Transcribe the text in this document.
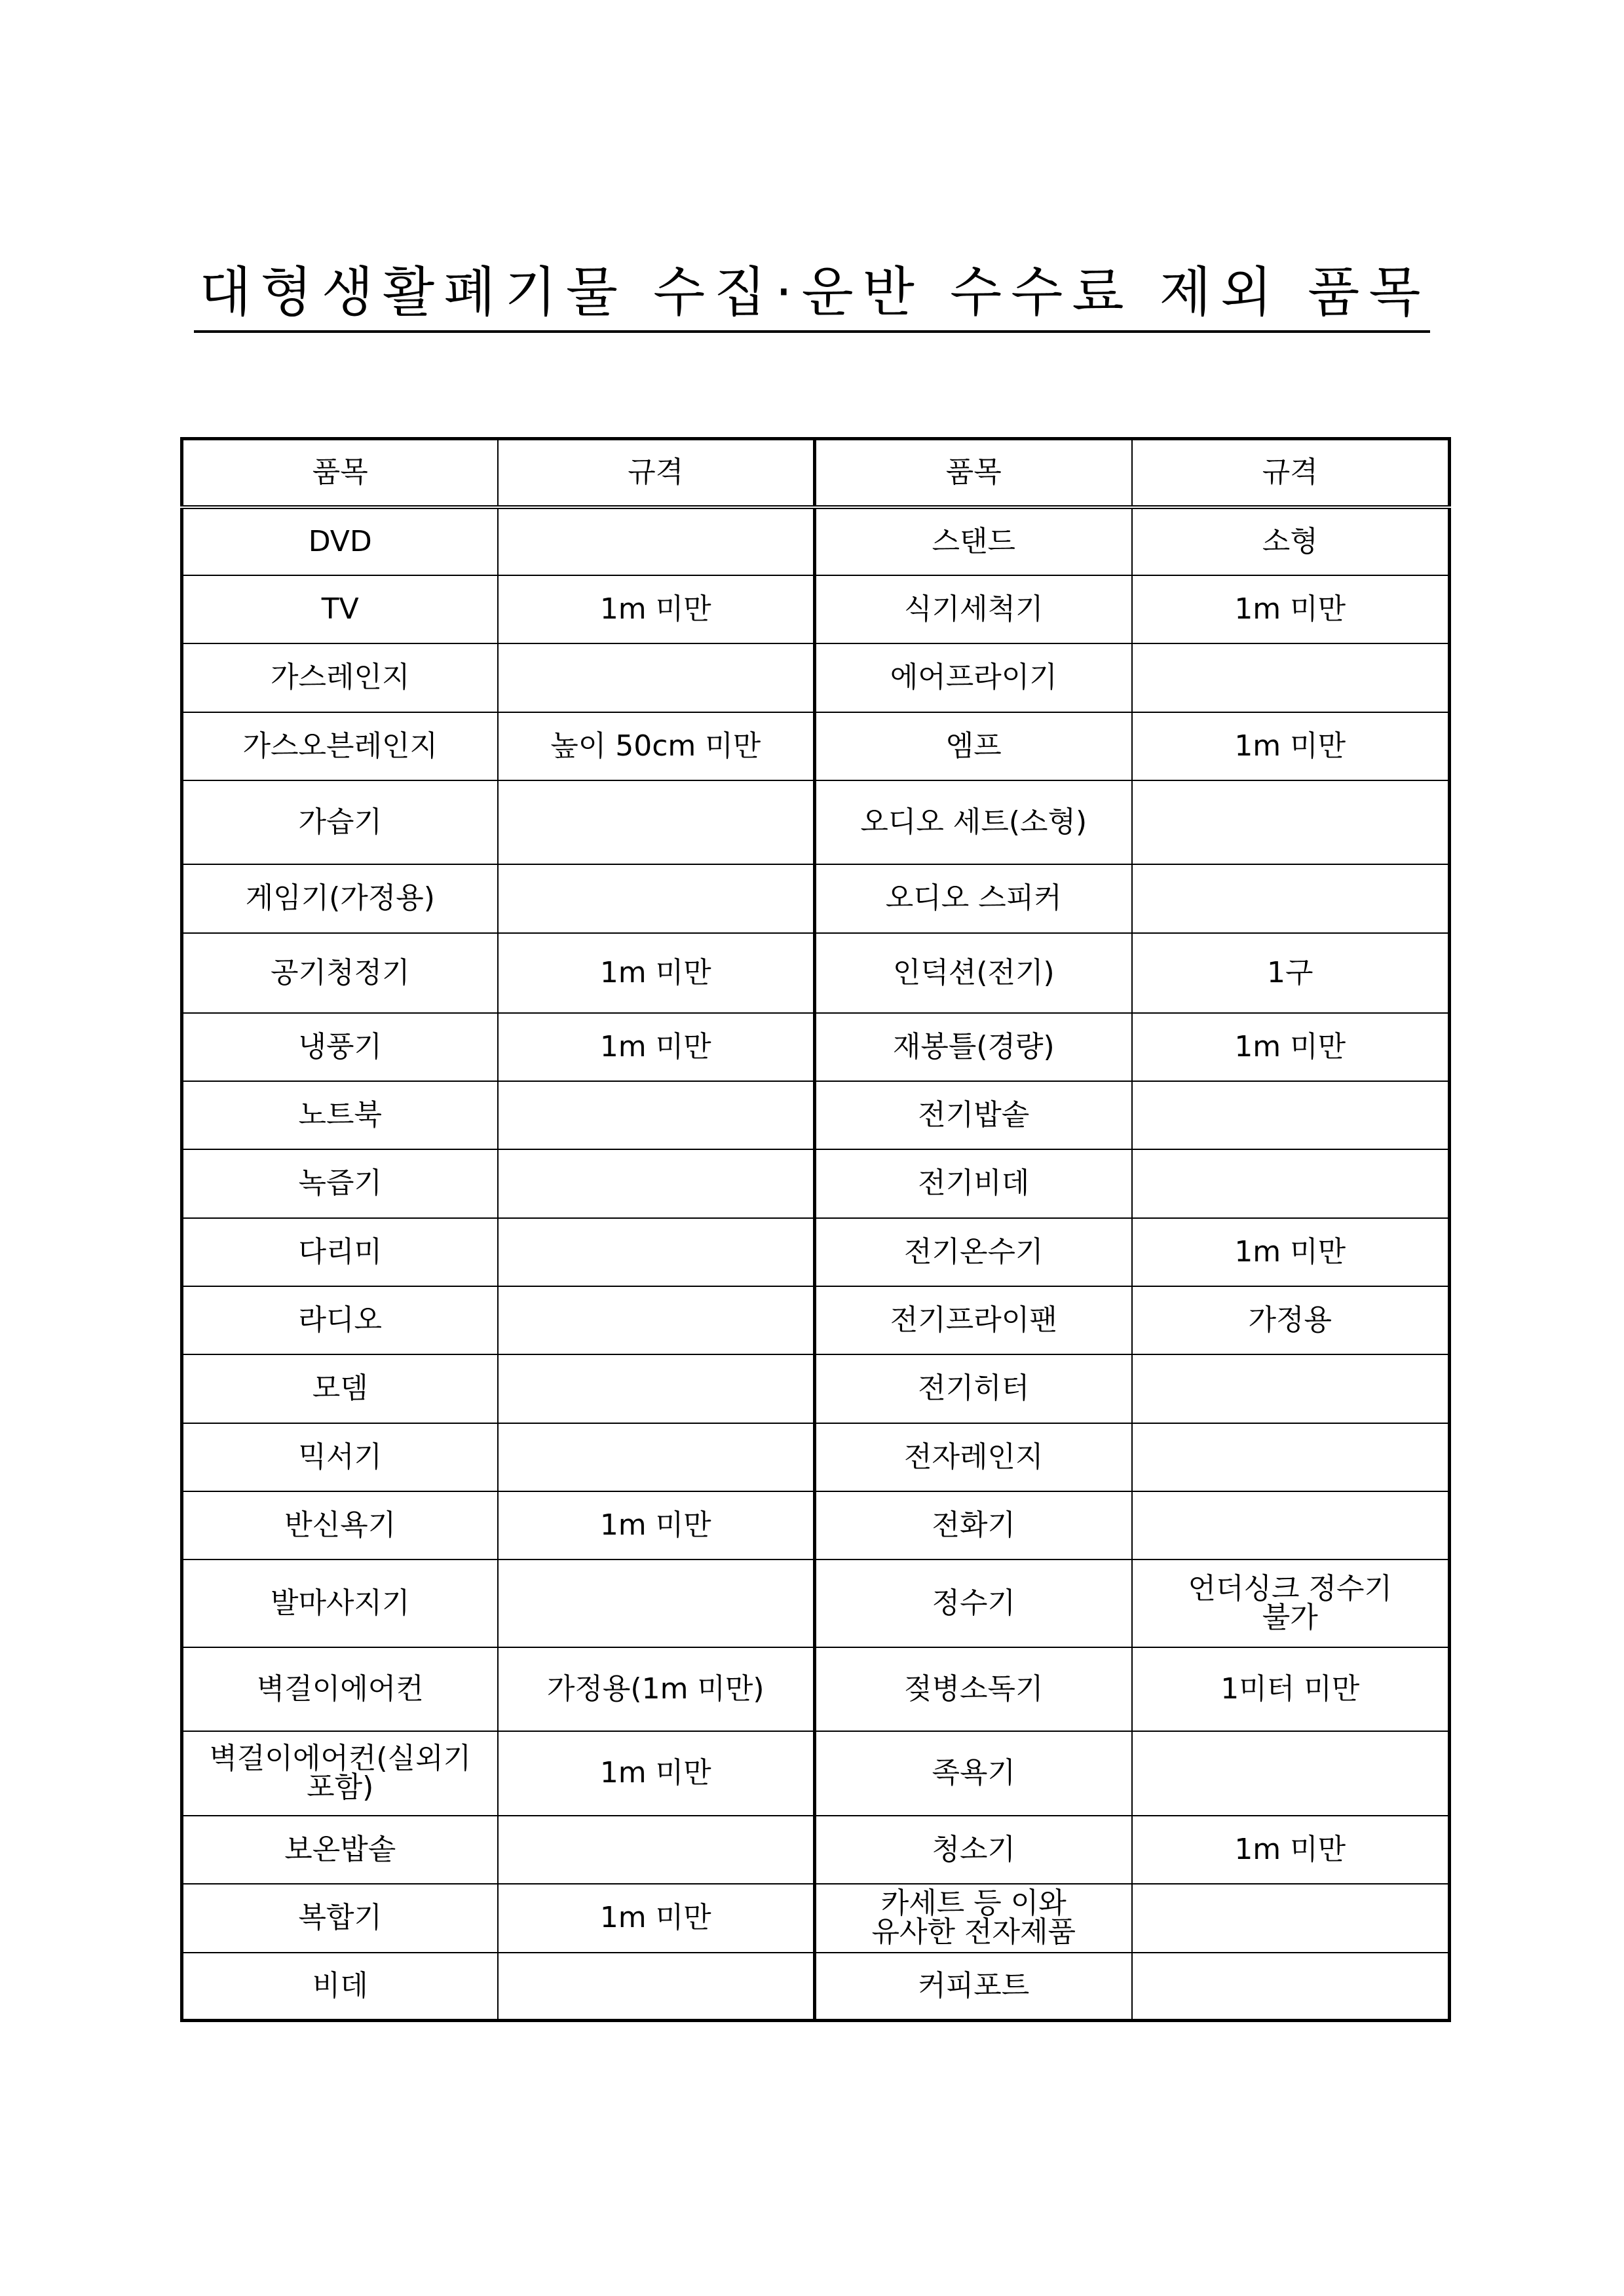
대형생활폐기물 수집·운반 수수료 제외 품목
품목	규격	품목	규격
DVD		스탠드	소형
TV	1m 미만	식기세척기	1m 미만
가스레인지		에어프라이기	
가스오븐레인지	높이 50cm 미만	엠프	1m 미만
가습기		오디오 세트(소형)	
게임기(가정용)		오디오 스피커	
공기청정기	1m 미만	인덕션(전기)	1구
냉풍기	1m 미만	재봉틀(경량)	1m 미만
노트북		전기밥솥	
녹즙기		전기비데	
다리미		전기온수기	1m 미만
라디오		전기프라이팬	가정용
모뎀		전기히터	
믹서기		전자레인지	
반신욕기	1m 미만	전화기	
발마사지기		정수기	언더싱크 정수기
불가
벽걸이에어컨	가정용(1m 미만)	젖병소독기	1미터 미만
벽걸이에어컨(실외기
포함)	1m 미만	족욕기	
보온밥솥		청소기	1m 미만
복합기	1m 미만	카세트 등 이와
유사한 전자제품	
비데		커피포트	
